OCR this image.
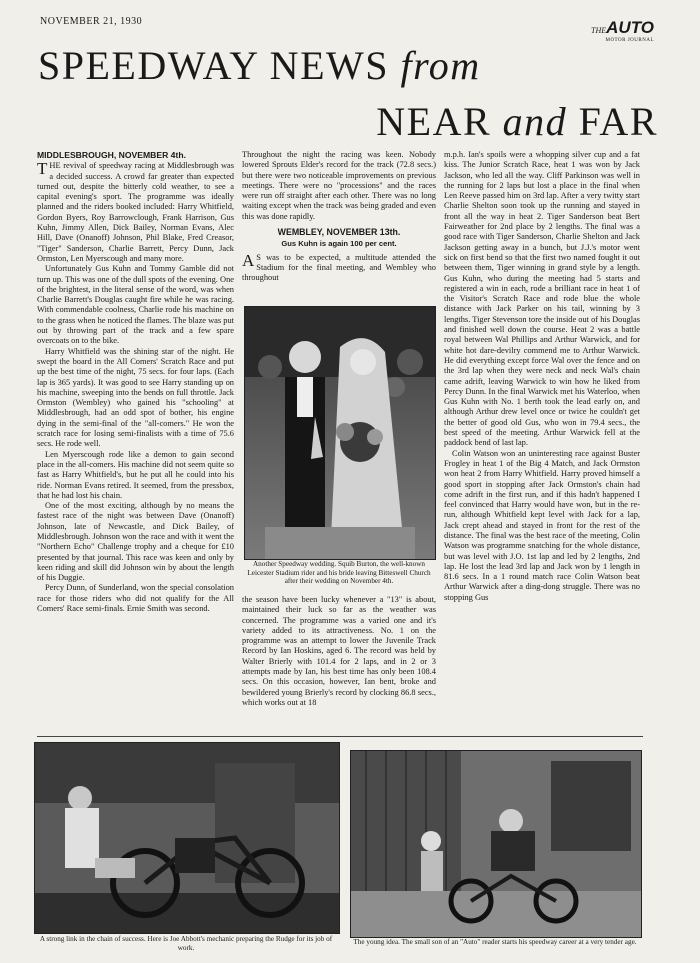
NOVEMBER 21, 1930
THEAUTO
MOTOR JOURNAL
SPEEDWAY NEWS from
NEAR and FAR
MIDDLESBROUGH, NOVEMBER 4th.

THE revival of speedway racing at Middlesbrough was a decided success. A crowd far greater than expected turned out, despite the bitterly cold weather, to see a capital evening's sport. The programme was ideally planned and the riders booked included: Harry Whitfield, Gordon Byers, Roy Barrowclough, Frank Harrison, Gus Kuhn, Jimmy Allen, Dick Bailey, Norman Evans, Alec Hill, Dave (Onanoff) Johnson, Phil Blake, Fred Creasor, "Tiger" Sanderson, Charlie Barrett, Percy Dunn, Jack Ormston, Len Myerscough and many more.

Unfortunately Gus Kuhn and Tommy Gamble did not turn up. This was one of the dull spots of the evening. One of the brightest, in the literal sense of the word, was when Charlie Barrett's Douglas caught fire while he was racing. With commendable coolness, Charlie rode his machine on to the grass when he noticed the flames. The blaze was put out by throwing part of the track and a few spare overcoats on to the bike.

Harry Whitfield was the shining star of the night. He swept the board in the All Comers' Scratch Race and put up the best time of the night, 75 secs. for four laps. (Each lap is 365 yards). It was good to see Harry standing up on his machine, sweeping into the bends on full throttle. Jack Ormston (Wembley) who gained his "schooling" at Middlesbrough, had an odd spot of bother, his engine dying in the semi-final of the "all-comers." He won the scratch race for losing semi-finalists with a time of 75.6 secs. He rode well.

Len Myerscough rode like a demon to gain second place in the all-comers. His machine did not seem quite so fast as Harry Whitfield's, but he put all he could into his ride. Norman Evans retired. It seemed, from the pressbox, that he had lost his chain.

One of the most exciting, although by no means the fastest race of the night was between Dave (Onanoff) Johnson, late of Newcastle, and Dick Bailey, of Middlesbrough. Johnson won the race and with it went the "Northern Echo" Challenge trophy and a cheque for £10 presented by that journal. This race was keen and only by keen riding and skill did Johnson win by about the length of his Duggie.

Percy Dunn, of Sunderland, won the special consolation race for those riders who did not qualify for the All Comers' Race semi-finals. Ernie Smith was second.

Throughout the night the racing was keen. Nobody lowered Sprouts Elder's record for the track (72.8 secs.) but there were two noticeable improvements on previous meetings. There were no "processions" and the races were run off straight after each other. There was no long waiting except when the track was being graded and even this was done rapidly.

WEMBLEY, NOVEMBER 13th.
Gus Kuhn is again 100 per cent.

A S was to be expected, a multitude attended the Stadium for the final meeting, and Wembley who throughout

Another Speedway wedding. Squib Burton, the well-known Leicester Stadium rider and his bride leaving Bitteswell Church after their wedding on November 4th.

the season have been lucky whenever a "13" is about, maintained their luck so far as the weather was concerned. The programme was a varied one and it's variety added to its attractiveness. No. 1 on the programme was an attempt to lower the Juvenile Track Record by Ian Hoskins, aged 6. The record was held by Walter Brierly with 101.4 for 2 laps, and in 2 or 3 attempts made by Ian, his best time has only been 108.4 secs. On this occasion, however, Ian bent, broke and bewildered young Brierly's record by clocking 86.8 secs., which works out at 18

m.p.h. Ian's spoils were a whopping silver cup and a fat kiss. The Junior Scratch Race, heat 1 was won by Jack Jackson, who led all the way. Cliff Parkinson was well in the running for 2 laps but lost a place in the final when Len Reeve passed him on 3rd lap. After a very twitty start Charlie Shelton soon took up the running and stayed in front all the way in heat 2. Tiger Sanderson beat Bert Fairweather for 2nd place by 2 lengths. The final was a good race with Tiger Sanderson, Charlie Shelton and Jack Jackson getting away in a bunch, but J.J.'s motor went sick on first bend so that the first two named fought it out between them, Tiger winning in grand style by a length. Gus Kuhn, who during the meeting had 5 starts and registered a win in each, rode a brilliant race in heat 1 of the Visitor's Scratch Race and rode blue the whole distance with Jack Parker on his tail, winning by 3 lengths. Tiger Stevenson tore the inside out of his Douglas and finished well down the course. Heat 2 was a battle royal between Wal Phillips and Arthur Warwick, and for white hot dare-devilry commend me to Arthur Warwick. He did everything except force Wal over the fence and on the 3rd lap when they were neck and neck Wal's chain came adrift, leaving Warwick to win how he liked from Percy Dunn. In the final Warwick met his Waterloo, when Gus Kuhn with No. 1 berth took the lead early on, and although Arthur drew level once or twice he couldn't get the better of good old Gus, who won in 79.4 secs., the best speed of the meeting. Arthur Warwick fell at the paddock bend of last lap.

Colin Watson won an uninteresting race against Buster Frogley in heat 1 of the Big 4 Match, and Jack Ormston won heat 2 from Harry Whitfield. Harry proved himself a good sport in stopping after Jack Ormston's chain had come adrift in the first run, and if this hadn't happened I feel convinced that Harry would have won, but in the re-run, although Whitfield kept level with Jack for a lap, Jack crept ahead and stayed in front for the rest of the distance. The final was the best race of the meeting, Colin Watson was programme snatching for the whole distance, but was level with J.O. 1st lap and led by 2 lengths, 2nd lap. He lost the lead 3rd lap and Jack won by 1 length in 81.6 secs. In a 1 round match race Colin Watson beat Arthur Warwick after a ding-dong struggle. There was no stopping Gus

A strong link in the chain of success. Here is Joe Abbott's mechanic preparing the Rudge for its job of work.
The young idea. The small son of an "Auto" reader starts his speedway career at a very tender age.
